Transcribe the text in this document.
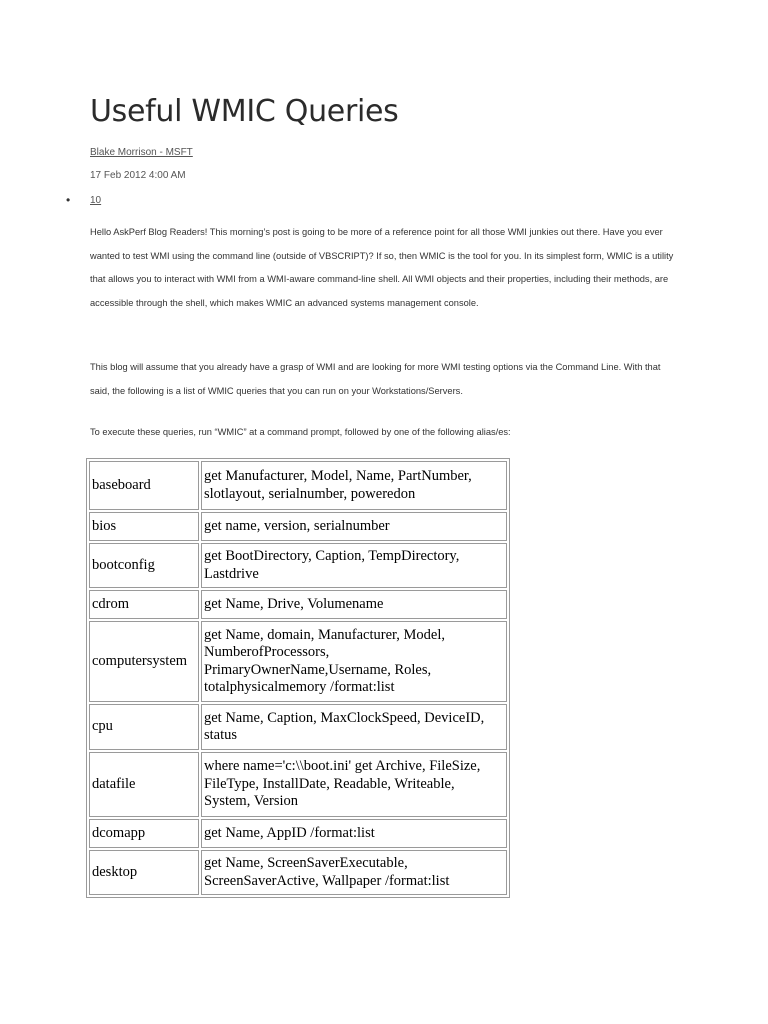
Useful WMIC Queries
Blake Morrison - MSFT
17 Feb 2012 4:00 AM
• 10

Hello AskPerf Blog Readers! This morning’s post is going to be more of a reference point for all those WMI junkies out there. Have you ever wanted to test WMI using the command line (outside of VBSCRIPT)? If so, then WMIC is the tool for you. In its simplest form, WMIC is a utility that allows you to interact with WMI from a WMI-aware command-line shell. All WMI objects and their properties, including their methods, are accessible through the shell, which makes WMIC an advanced systems management console.

This blog will assume that you already have a grasp of WMI and are looking for more WMI testing options via the Command Line. With that said, the following is a list of WMIC queries that you can run on your Workstations/Servers.

To execute these queries, run “WMIC” at a command prompt, followed by one of the following alias/es:

baseboard	get Manufacturer, Model, Name, PartNumber, slotlayout, serialnumber, poweredon
bios	get name, version, serialnumber
bootconfig	get BootDirectory, Caption, TempDirectory, Lastdrive
cdrom	get Name, Drive, Volumename
computersystem	get Name, domain, Manufacturer, Model, NumberofProcessors, PrimaryOwnerName,Username, Roles, totalphysicalmemory /format:list
cpu	get Name, Caption, MaxClockSpeed, DeviceID, status
datafile	where name='c:\\boot.ini' get Archive, FileSize, FileType, InstallDate, Readable, Writeable, System, Version
dcomapp	get Name, AppID /format:list
desktop	get Name, ScreenSaverExecutable, ScreenSaverActive, Wallpaper /format:list
